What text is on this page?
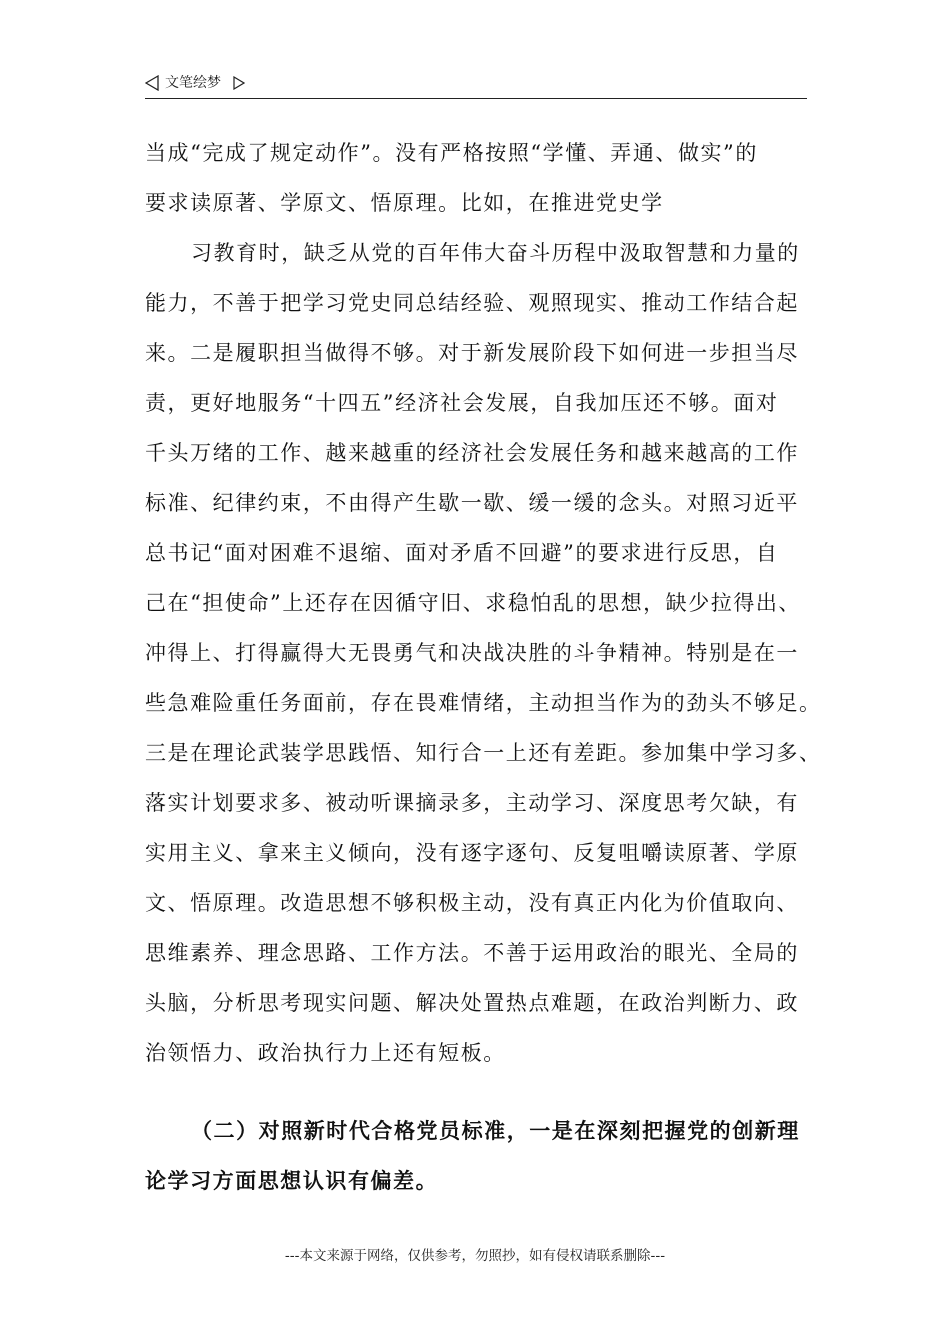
文笔绘梦
当成“完成了规定动作”。没有严格按照“学懂、弄通、做实”的
要求读原著、学原文、悟原理。比如，在推进党史学
习教育时，缺乏从党的百年伟大奋斗历程中汲取智慧和力量的
能力，不善于把学习党史同总结经验、观照现实、推动工作结合起
来。二是履职担当做得不够。对于新发展阶段下如何进一步担当尽
责，更好地服务“十四五”经济社会发展，自我加压还不够。面对
千头万绪的工作、越来越重的经济社会发展任务和越来越高的工作
标准、纪律约束，不由得产生歇一歇、缓一缓的念头。对照习近平
总书记“面对困难不退缩、面对矛盾不回避”的要求进行反思，自
己在“担使命”上还存在因循守旧、求稳怕乱的思想，缺少拉得出、
冲得上、打得赢得大无畏勇气和决战决胜的斗争精神。特别是在一
些急难险重任务面前，存在畏难情绪，主动担当作为的劲头不够足。
三是在理论武装学思践悟、知行合一上还有差距。参加集中学习多、
落实计划要求多、被动听课摘录多，主动学习、深度思考欠缺，有
实用主义、拿来主义倾向，没有逐字逐句、反复咀嚼读原著、学原
文、悟原理。改造思想不够积极主动，没有真正内化为价值取向、
思维素养、理念思路、工作方法。不善于运用政治的眼光、全局的
头脑，分析思考现实问题、解决处置热点难题，在政治判断力、政
治领悟力、政治执行力上还有短板。
（二）对照新时代合格党员标准，一是在深刻把握党的创新理
论学习方面思想认识有偏差。
---本文来源于网络，仅供参考，勿照抄，如有侵权请联系删除---
